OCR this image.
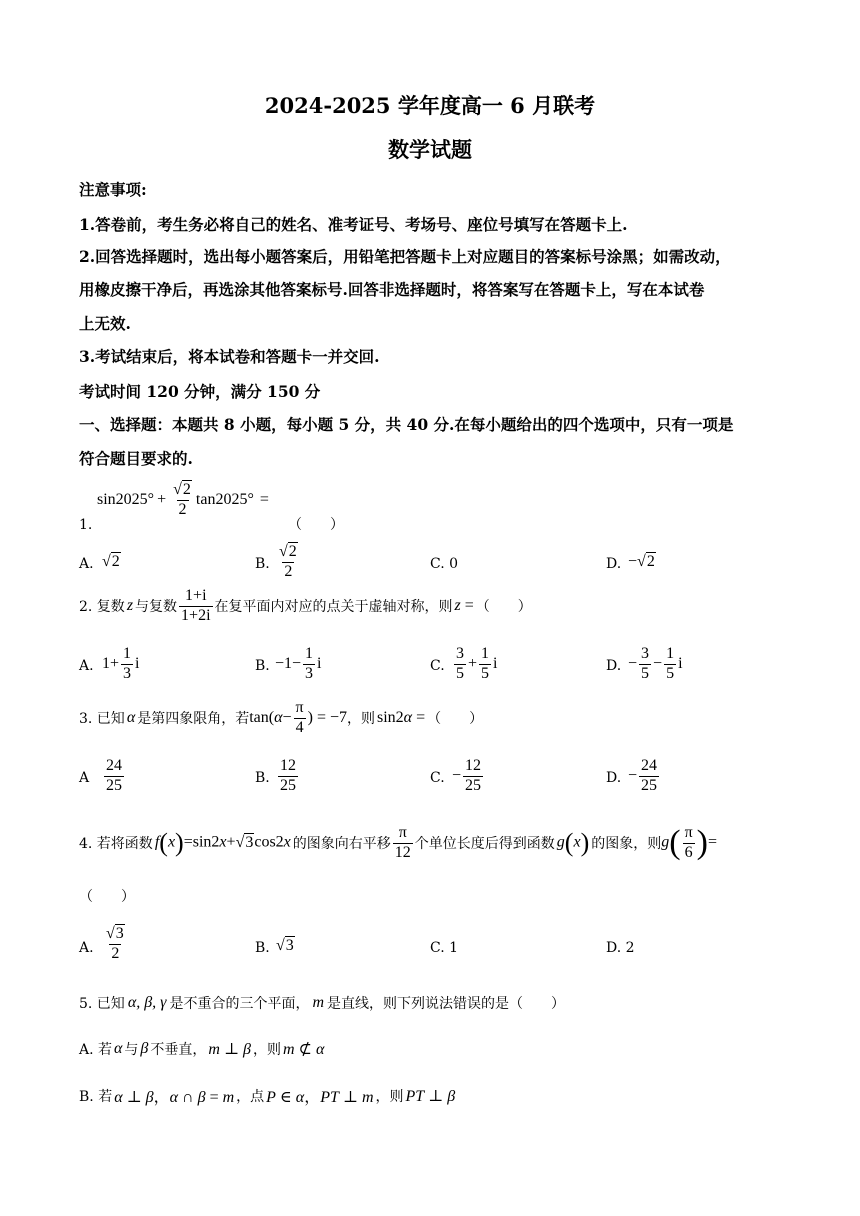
2024-2025 学年度高一 6 月联考
数学试题
注意事项:
1.答卷前，考生务必将自己的姓名、准考证号、考场号、座位号填写在答题卡上.
2.回答选择题时，选出每小题答案后，用铅笔把答题卡上对应题目的答案标号涂黑；如需改动，
用橡皮擦干净后，再选涂其他答案标号.回答非选择题时，将答案写在答题卡上，写在本试卷
上无效.
3.考试结束后，将本试卷和答题卡一并交回.
考试时间 120 分钟，满分 150 分
一、选择题：本题共 8 小题，每小题 5 分，共 40 分.在每小题给出的四个选项中，只有一项是
符合题目要求的.
1.
$\sin 2025^\circ + \frac{√2}{2} \tan 2025^\circ$ =
（　　）
A. √2	B. $\frac{√2}{2}$	C. 0	D. −√2
2. 复数 z 与复数 $\frac{1+i}{1+2i}$ 在复平面内对应的点关于虚轴对称，则 z = （　　）
A. $1+ \frac{1}{3}$ i	B. $-1- \frac{1}{3}$ i	C. $\frac{3}{5} + \frac{1}{5}$ i	D. − $\frac{3}{5} - \frac{1}{5}$ i
3. 已知 α 是第四象限角，若 $\tan(\alpha- \frac{\pi}{4}$ ) = −7 ，则 sin2α = （　　）
A $\frac{24}{25}$	B. $\frac{12}{25}$	C. − $\frac{12}{25}$	D. − $\frac{24}{25}$
4. 若将函数 f(x)=sin2x+√3cos2x 的图象向右平移 $\frac{\pi}{12}$ 个单位长度后得到函数 g(x) 的图象，则 $g( \frac{\pi}{6}$ )=
（　　）
A. $\frac{√3}{2}$	B. √3	C. 1	D. 2
5. 已知 α, β, γ 是不重合的三个平面， m 是直线，则下列说法错误的是（　　）
A. 若 α 与 β 不垂直， m ⊥ β ，则 m ⊄ α
B. 若 α ⊥ β，α ∩ β = m ，点 P ∈ α，PT ⊥ m ，则 PT ⊥ β
